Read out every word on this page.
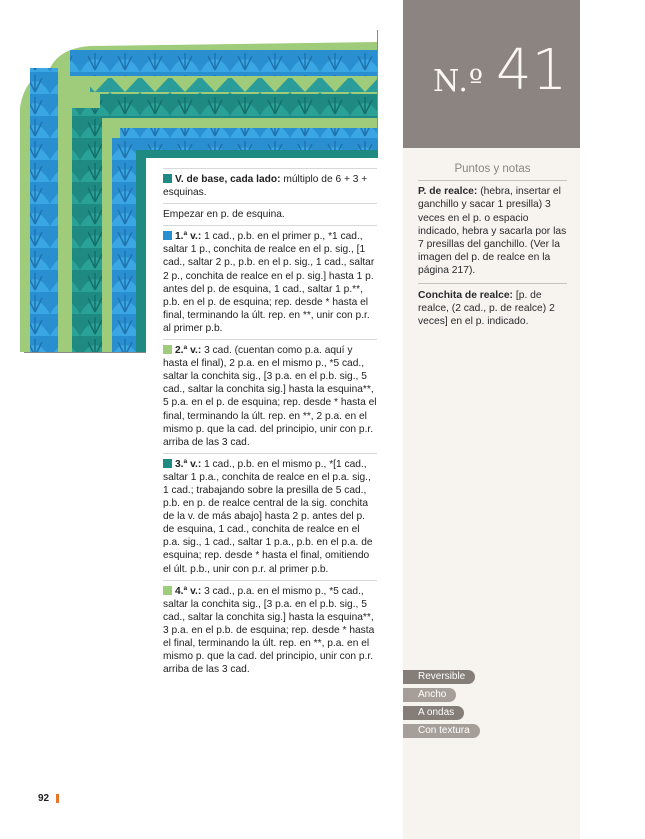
N.º 41
Puntos y notas
P. de realce: (hebra, insertar el ganchillo y sacar 1 presilla) 3 veces en el p. o espacio indicado, hebra y sacarla por las 7 presillas del ganchillo. (Ver la imagen del p. de realce en la página 217).
Conchita de realce: [p. de realce, (2 cad., p. de realce) 2 veces] en el p. indicado.
Reversible
Ancho
A ondas
Con textura
V. de base, cada lado: múltiplo de 6 + 3 + esquinas.
Empezar en p. de esquina.
1.ª v.: 1 cad., p.b. en el primer p., *1 cad., saltar 1 p., conchita de realce en el p. sig., [1 cad., saltar 2 p., p.b. en el p. sig., 1 cad., saltar 2 p., conchita de realce en el p. sig.] hasta 1 p. antes del p. de esquina, 1 cad., saltar 1 p.**, p.b. en el p. de esquina; rep. desde * hasta el final, terminando la últ. rep. en **, unir con p.r. al primer p.b.
2.ª v.: 3 cad. (cuentan como p.a. aquí y hasta el final), 2 p.a. en el mismo p., *5 cad., saltar la conchita sig., [3 p.a. en el p.b. sig., 5 cad., saltar la conchita sig.] hasta la esquina**, 5 p.a. en el p. de esquina; rep. desde * hasta el final, terminando la últ. rep. en **, 2 p.a. en el mismo p. que la cad. del principio, unir con p.r. arriba de las 3 cad.
3.ª v.: 1 cad., p.b. en el mismo p., *[1 cad., saltar 1 p.a., conchita de realce en el p.a. sig., 1 cad.; trabajando sobre la presilla de 5 cad., p.b. en p. de realce central de la sig. conchita de la v. de más abajo] hasta 2 p. antes del p. de esquina, 1 cad., conchita de realce en el p.a. sig., 1 cad., saltar 1 p.a., p.b. en el p.a. de esquina; rep. desde * hasta el final, omitiendo el últ. p.b., unir con p.r. al primer p.b.
4.ª v.: 3 cad., p.a. en el mismo p., *5 cad., saltar la conchita sig., [3 p.a. en el p.b. sig., 5 cad., saltar la conchita sig.] hasta la esquina**, 3 p.a. en el p.b. de esquina; rep. desde * hasta el final, terminando la últ. rep. en **, p.a. en el mismo p. que la cad. del principio, unir con p.r. arriba de las 3 cad.
92
